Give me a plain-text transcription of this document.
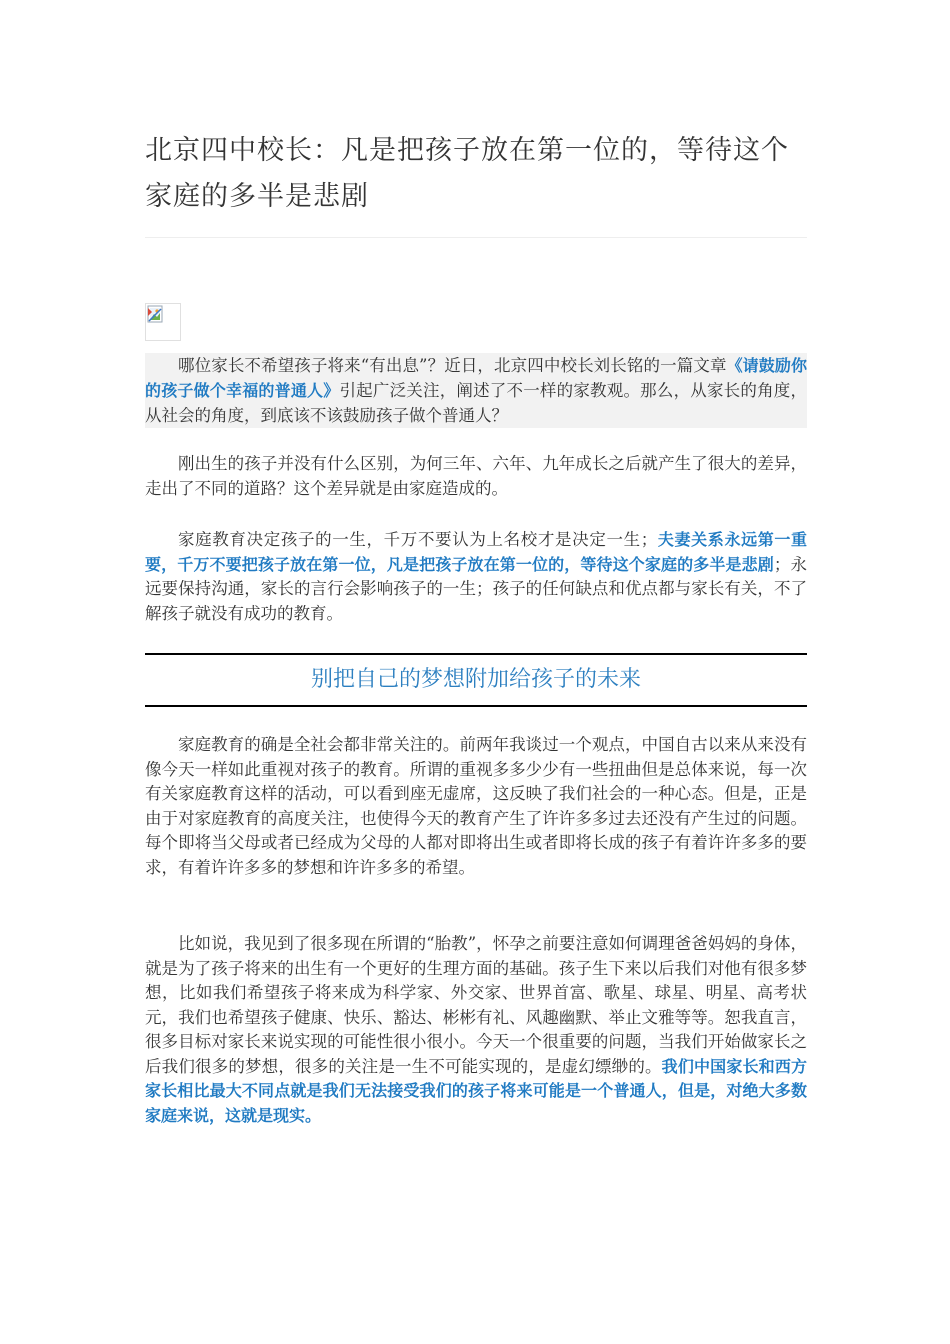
北京四中校长：凡是把孩子放在第一位的，等待这个家庭的多半是悲剧
哪位家长不希望孩子将来“有出息”？近日，北京四中校长刘长铭的一篇文章《请鼓励你的孩子做个幸福的普通人》引起广泛关注，阐述了不一样的家教观。那么，从家长的角度，从社会的角度，到底该不该鼓励孩子做个普通人？

刚出生的孩子并没有什么区别，为何三年、六年、九年成长之后就产生了很大的差异，走出了不同的道路？这个差异就是由家庭造成的。

家庭教育决定孩子的一生，千万不要认为上名校才是决定一生；夫妻关系永远第一重要，千万不要把孩子放在第一位，凡是把孩子放在第一位的，等待这个家庭的多半是悲剧；永远要保持沟通，家长的言行会影响孩子的一生；孩子的任何缺点和优点都与家长有关，不了解孩子就没有成功的教育。

别把自己的梦想附加给孩子的未来

家庭教育的确是全社会都非常关注的。前两年我谈过一个观点，中国自古以来从来没有像今天一样如此重视对孩子的教育。所谓的重视多多少少有一些扭曲但是总体来说，每一次有关家庭教育这样的活动，可以看到座无虚席，这反映了我们社会的一种心态。但是，正是由于对家庭教育的高度关注，也使得今天的教育产生了许许多多过去还没有产生过的问题。每个即将当父母或者已经成为父母的人都对即将出生或者即将长成的孩子有着许许多多的要求，有着许许多多的梦想和许许多多的希望。

比如说，我见到了很多现在所谓的“胎教”，怀孕之前要注意如何调理爸爸妈妈的身体，就是为了孩子将来的出生有一个更好的生理方面的基础。孩子生下来以后我们对他有很多梦想，比如我们希望孩子将来成为科学家、外交家、世界首富、歌星、球星、明星、高考状元，我们也希望孩子健康、快乐、豁达、彬彬有礼、风趣幽默、举止文雅等等。恕我直言，很多目标对家长来说实现的可能性很小很小。今天一个很重要的问题，当我们开始做家长之后我们很多的梦想，很多的关注是一生不可能实现的，是虚幻缥缈的。我们中国家长和西方家长相比最大不同点就是我们无法接受我们的孩子将来可能是一个普通人，但是，对绝大多数家庭来说，这就是现实。
